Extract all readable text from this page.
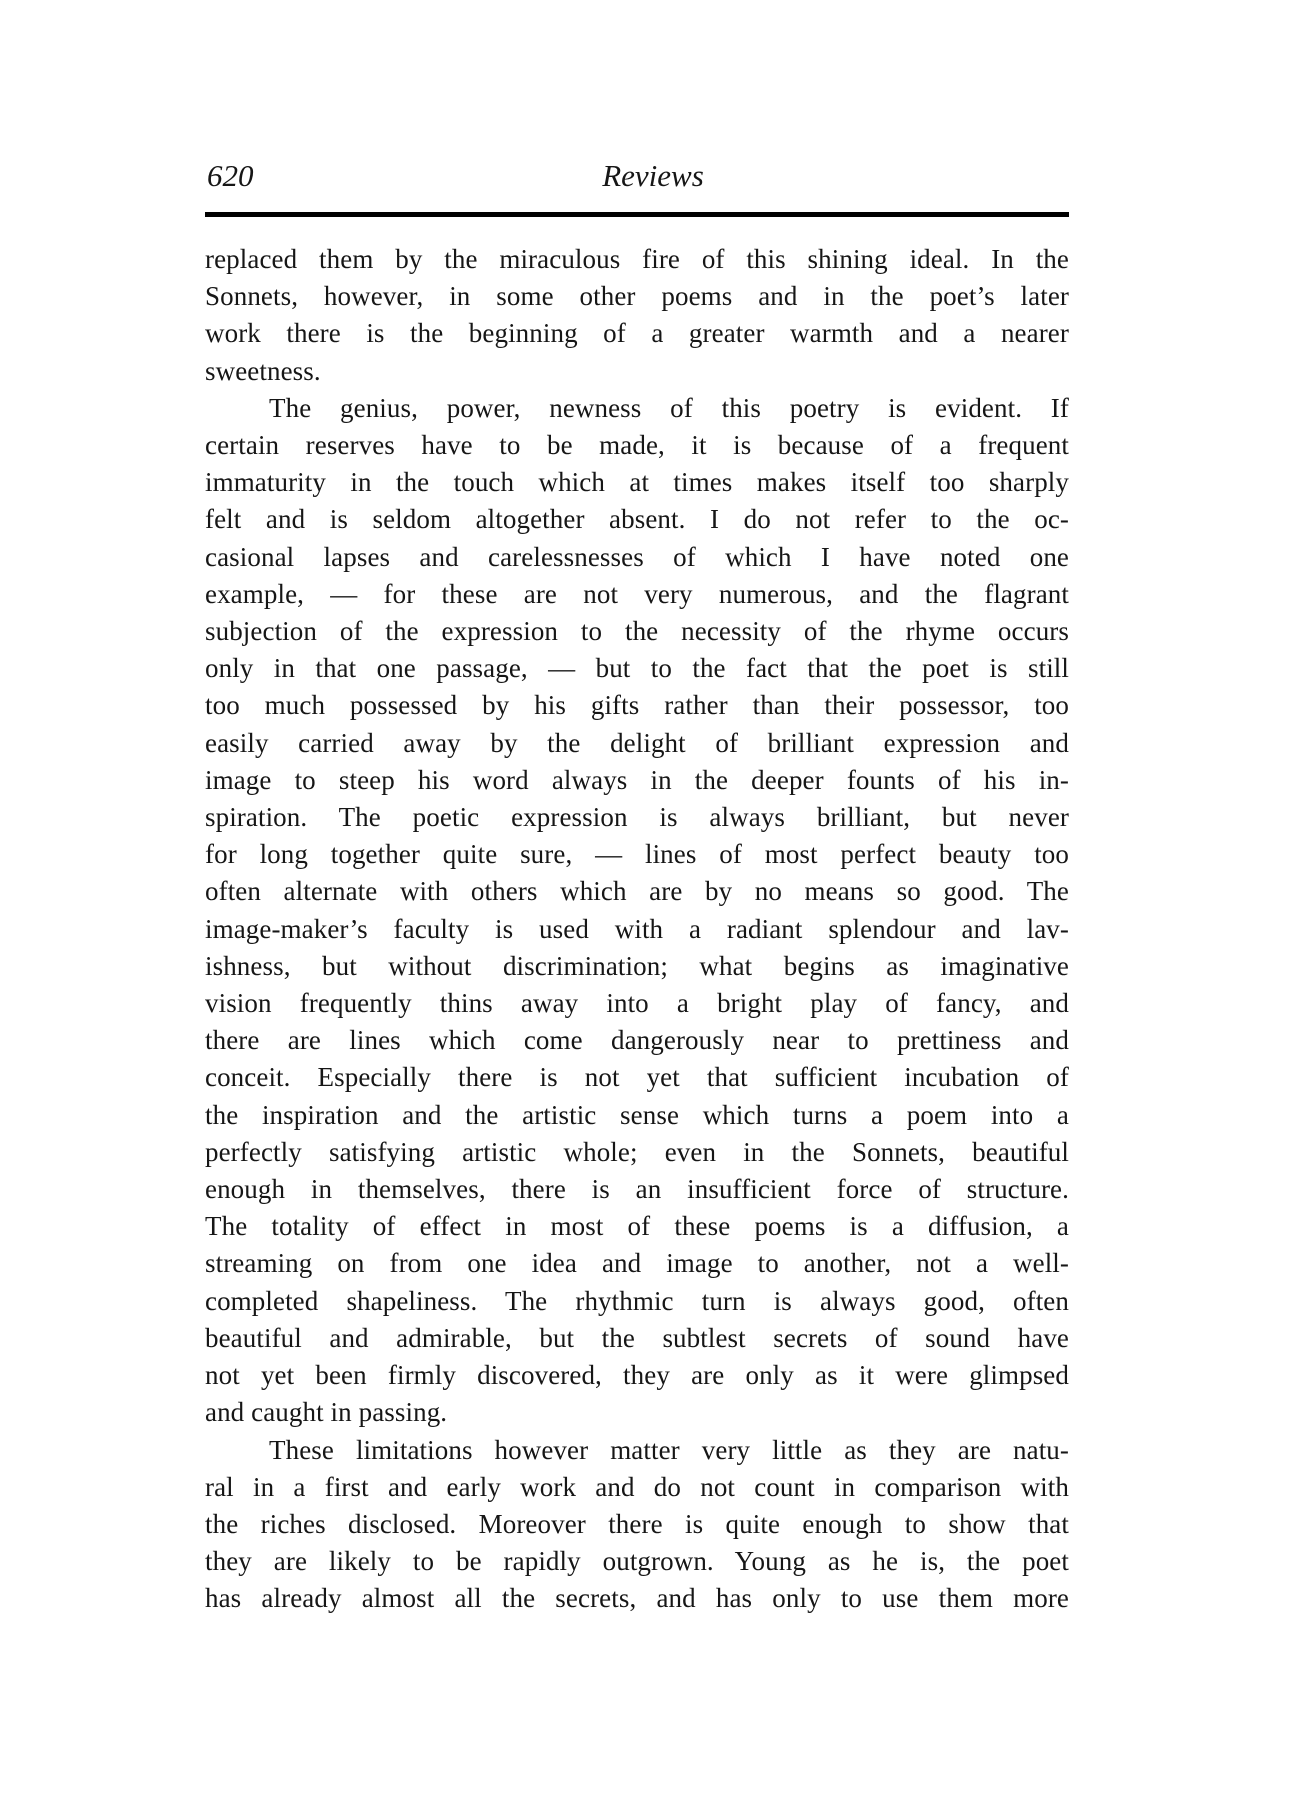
620	Reviews
replaced them by the miraculous fire of this shining ideal. In the
Sonnets, however, in some other poems and in the poet’s later
work there is the beginning of a greater warmth and a nearer
sweetness.
The genius, power, newness of this poetry is evident. If
certain reserves have to be made, it is because of a frequent
immaturity in the touch which at times makes itself too sharply
felt and is seldom altogether absent. I do not refer to the oc-
casional lapses and carelessnesses of which I have noted one
example, — for these are not very numerous, and the flagrant
subjection of the expression to the necessity of the rhyme occurs
only in that one passage, — but to the fact that the poet is still
too much possessed by his gifts rather than their possessor, too
easily carried away by the delight of brilliant expression and
image to steep his word always in the deeper founts of his in-
spiration. The poetic expression is always brilliant, but never
for long together quite sure, — lines of most perfect beauty too
often alternate with others which are by no means so good. The
image-maker’s faculty is used with a radiant splendour and lav-
ishness, but without discrimination; what begins as imaginative
vision frequently thins away into a bright play of fancy, and
there are lines which come dangerously near to prettiness and
conceit. Especially there is not yet that sufficient incubation of
the inspiration and the artistic sense which turns a poem into a
perfectly satisfying artistic whole; even in the Sonnets, beautiful
enough in themselves, there is an insufficient force of structure.
The totality of effect in most of these poems is a diffusion, a
streaming on from one idea and image to another, not a well-
completed shapeliness. The rhythmic turn is always good, often
beautiful and admirable, but the subtlest secrets of sound have
not yet been firmly discovered, they are only as it were glimpsed
and caught in passing.
These limitations however matter very little as they are natu-
ral in a first and early work and do not count in comparison with
the riches disclosed. Moreover there is quite enough to show that
they are likely to be rapidly outgrown. Young as he is, the poet
has already almost all the secrets, and has only to use them more
